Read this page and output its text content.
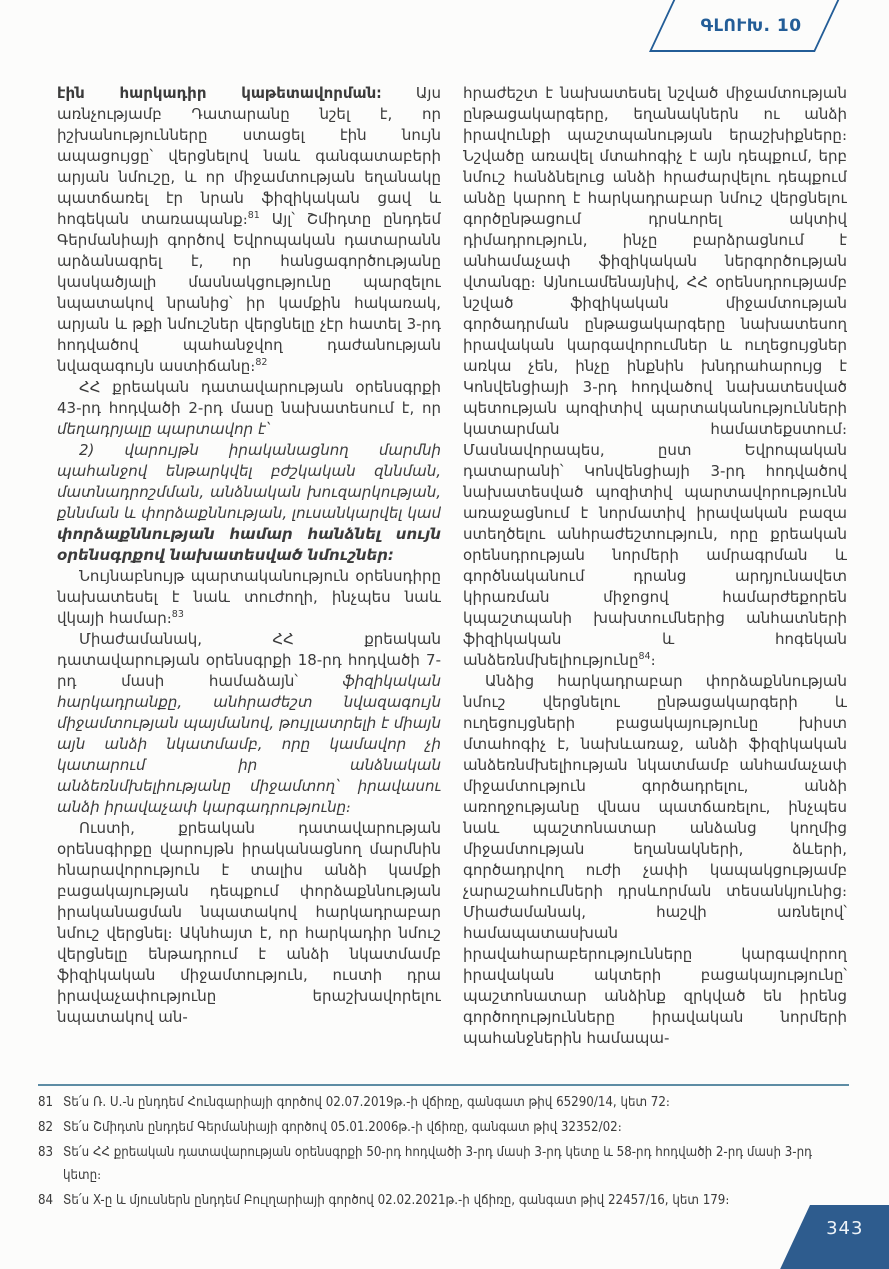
ԳԼՈՒԽ. 10

էին հարկադիր կաթետավորման։ Այս առնչությամբ Դատարանը նշել է, որ իշխանությունները ստացել էին նույն ապացույցը՝ վերցնելով նաև գանգատաբերի արյան նմուշը, և որ միջամտության եղանակը պատճառել էր նրան ֆիզիկական ցավ և հոգեկան տառապանք։$^{81}$ Այլ՝ Շմիդտը ընդդեմ Գերմանիայի գործով Եվրոպական դատարանն արձանագրել է, որ հանցագործությանը կասկածյալի մասնակցությունը պարզելու նպատակով նրանից՝ իր կամքին հակառակ, արյան և թքի նմուշներ վերցնելը չէր հատել 3-րդ հոդվածով պահանջվող դաժանության նվազագույն աստիճանը։$^{82}$

ՀՀ քրեական դատավարության օրենսգրքի 43-րդ հոդվածի 2-րդ մասը նախատեսում է, որ մեղադրյալը պարտավոր է՝

2) վարույթն իրականացնող մարմնի պահանջով ենթարկվել բժշկական զննման, մատնադրոշմման, անձնական խուզարկության, քննման և փորձաքննության, լուսանկարվել կամ փորձաքննության համար հանձնել սույն օրենսգրքով նախատեսված նմուշներ։

Նույնաբնույթ պարտականություն օրենսդիրը նախատեսել է նաև տուժողի, ինչպես նաև վկայի համար։$^{83}$

Միաժամանակ, ՀՀ քրեական դատավարության օրենսգրքի 18-րդ հոդվածի 7-րդ մասի համաձայն՝ ֆիզիկական հարկադրանքը, անհրաժեշտ նվազագույն միջամտության պայմանով, թույլատրելի է միայն այն անձի նկատմամբ, որը կամավոր չի կատարում իր անձնական անձեռնմխելիությանը միջամտող՝ իրավասու անձի իրավաչափ կարգադրությունը։

Ուստի, քրեական դատավարության օրենսգիրքը վարույթն իրականացնող մարմնին հնարավորություն է տալիս անձի կամքի բացակայության դեպքում փորձաքննության իրականացման նպատակով հարկադրաբար նմուշ վերցնել։ Ակնհայտ է, որ հարկադիր նմուշ վերցնելը ենթադրում է անձի նկատմամբ ֆիզիկական միջամտություն, ուստի դրա իրավաչափությունը երաշխավորելու նպատակով ան-

հրաժեշտ է նախատեսել նշված միջամտության ընթացակարգերը, եղանակներն ու անձի իրավունքի պաշտպանության երաշխիքները։ Նշվածը առավել մտահոգիչ է այն դեպքում, երբ նմուշ հանձնելուց անձի հրաժարվելու դեպքում անձը կարող է հարկադրաբար նմուշ վերցնելու գործընթացում դրսևորել ակտիվ դիմադրություն, ինչը բարձրացնում է անհամաչափ ֆիզիկական ներգործության վտանգը։ Այնուամենայնիվ, ՀՀ օրենսդրությամբ նշված ֆիզիկական միջամտության գործադրման ընթացակարգերը նախատեսող իրավական կարգավորումներ և ուղեցույցներ առկա չեն, ինչը ինքնին խնդրահարույց է Կոնվենցիայի 3-րդ հոդվածով նախատեսված պետության պոզիտիվ պարտականությունների կատարման համատեքստում։ Մասնավորապես, ըստ Եվրոպական դատարանի՝ Կոնվենցիայի 3-րդ հոդվածով նախատեսված պոզիտիվ պարտավորությունն առաջացնում է նորմատիվ իրավական բազա ստեղծելու անհրաժեշտություն, որը քրեական օրենսդրության նորմերի ամրագրման և գործնականում դրանց արդյունավետ կիրառման միջոցով համարժեքորեն կպաշտպանի խախտումներից անհատների ֆիզիկական և հոգեկան անձեռնմխելիությունը$^{84}$։

Անձից հարկադրաբար փորձաքննության նմուշ վերցնելու ընթացակարգերի և ուղեցույցների բացակայությունը խիստ մտահոգիչ է, նախևառաջ, անձի ֆիզիկական անձեռնմխելիության նկատմամբ անհամաչափ միջամտություն գործադրելու, անձի առողջությանը վնաս պատճառելու, ինչպես նաև պաշտոնատար անձանց կողմից միջամտության եղանակների, ձևերի, գործադրվող ուժի չափի կապակցությամբ չարաշահումների դրսևորման տեսանկյունից։ Միաժամանակ, հաշվի առնելով՝ համապատասխան իրավահարաբերությունները կարգավորող իրավական ակտերի բացակայությունը՝ պաշտոնատար անձինք զրկված են իրենց գործողությունները իրավական նորմերի պահանջներին համապա-

81 Տե՛ս Ռ. Ս.-ն ընդդեմ Հունգարիայի գործով 02.07.2019թ.-ի վճիռը, գանգատ թիվ 65290/14, կետ 72։
82 Տե՛ս Շմիդտն ընդդեմ Գերմանիայի գործով 05.01.2006թ.-ի վճիռը, գանգատ թիվ 32352/02։
83 Տե՛ս ՀՀ քրեական դատավարության օրենսգրքի 50-րդ հոդվածի 3-րդ մասի 3-րդ կետը և 58-րդ հոդվածի 2-րդ մասի 3-րդ կետը։
84 Տե՛ս X-ը և մյուսներն ընդդեմ Բուլղարիայի գործով 02.02.2021թ.-ի վճիռը, գանգատ թիվ 22457/16, կետ 179։
343
